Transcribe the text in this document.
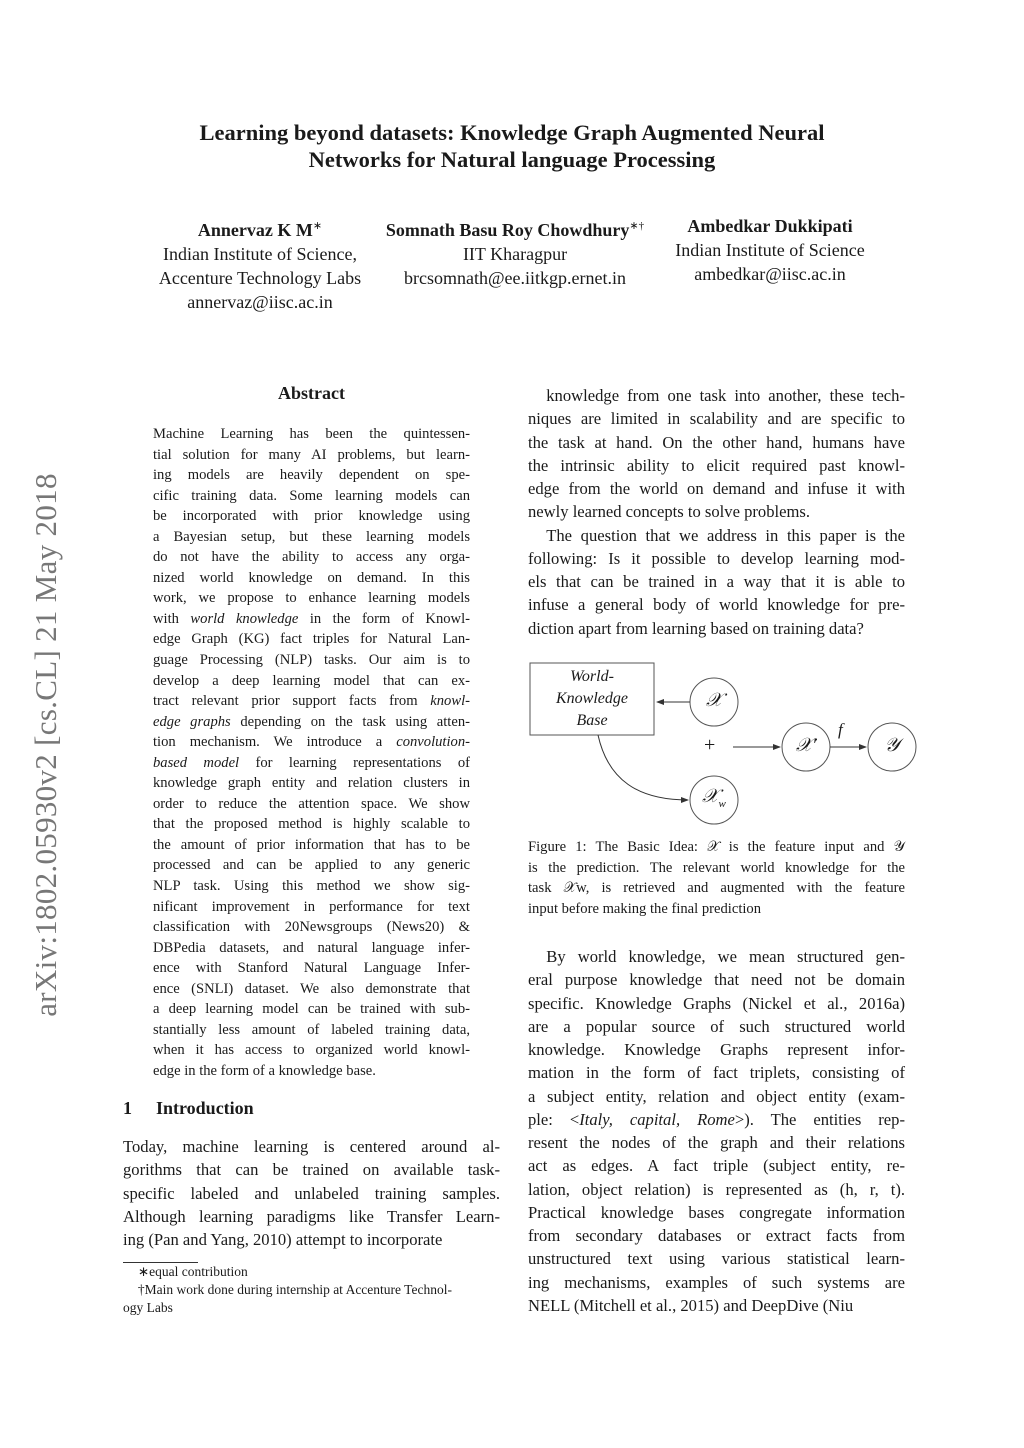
arXiv:1802.05930v2 [cs.CL] 21 May 2018
Learning beyond datasets: Knowledge Graph Augmented Neural
Networks for Natural language Processing
Annervaz K M∗
Indian Institute of Science,
Accenture Technology Labs
annervaz@iisc.ac.in
Somnath Basu Roy Chowdhury∗†
IIT Kharagpur
brcsomnath@ee.iitkgp.ernet.in
Ambedkar Dukkipati
Indian Institute of Science
ambedkar@iisc.ac.in
Abstract
Machine Learning has been the quintessen-
tial solution for many AI problems, but learn-
ing models are heavily dependent on spe-
cific training data. Some learning models can
be incorporated with prior knowledge using
a Bayesian setup, but these learning models
do not have the ability to access any orga-
nized world knowledge on demand. In this
work, we propose to enhance learning models
with world knowledge in the form of Knowl-
edge Graph (KG) fact triples for Natural Lan-
guage Processing (NLP) tasks. Our aim is to
develop a deep learning model that can ex-
tract relevant prior support facts from knowl-
edge graphs depending on the task using atten-
tion mechanism. We introduce a convolution-
based model for learning representations of
knowledge graph entity and relation clusters in
order to reduce the attention space. We show
that the proposed method is highly scalable to
the amount of prior information that has to be
processed and can be applied to any generic
NLP task. Using this method we show sig-
nificant improvement in performance for text
classification with 20Newsgroups (News20) &
DBPedia datasets, and natural language infer-
ence with Stanford Natural Language Infer-
ence (SNLI) dataset. We also demonstrate that
a deep learning model can be trained with sub-
stantially less amount of labeled training data,
when it has access to organized world knowl-
edge in the form of a knowledge base.
1 Introduction
Today, machine learning is centered around al-
gorithms that can be trained on available task-
specific labeled and unlabeled training samples.
Although learning paradigms like Transfer Learn-
ing (Pan and Yang, 2010) attempt to incorporate
∗equal contribution
†Main work done during internship at Accenture Technol-
ogy Labs
knowledge from one task into another, these tech-
niques are limited in scalability and are specific to
the task at hand. On the other hand, humans have
the intrinsic ability to elicit required past knowl-
edge from the world on demand and infuse it with
newly learned concepts to solve problems.
The question that we address in this paper is the
following: Is it possible to develop learning mod-
els that can be trained in a way that it is able to
infuse a general body of world knowledge for pre-
diction apart from learning based on training data?
World-
Knowledge
Base
𝒳
𝒳′	𝒴
𝒳$_w$
+
f
Figure 1: The Basic Idea: 𝒳 is the feature input and 𝒴
is the prediction. The relevant world knowledge for the
task 𝒳w, is retrieved and augmented with the feature
input before making the final prediction
By world knowledge, we mean structured gen-
eral purpose knowledge that need not be domain
specific. Knowledge Graphs (Nickel et al., 2016a)
are a popular source of such structured world
knowledge. Knowledge Graphs represent infor-
mation in the form of fact triplets, consisting of
a subject entity, relation and object entity (exam-
ple: <Italy, capital, Rome>). The entities rep-
resent the nodes of the graph and their relations
act as edges. A fact triple (subject entity, re-
lation, object relation) is represented as (h, r, t).
Practical knowledge bases congregate information
from secondary databases or extract facts from
unstructured text using various statistical learn-
ing mechanisms, examples of such systems are
NELL (Mitchell et al., 2015) and DeepDive (Niu
